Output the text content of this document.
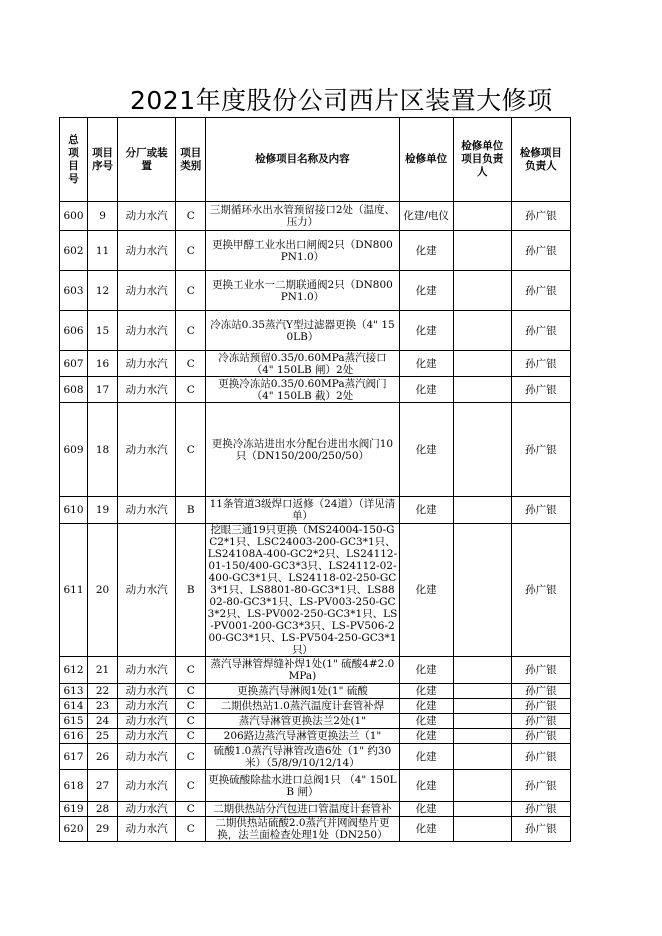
2021年度股份公司西片区装置大修项
总项目号	项目序号	分厂或装置	项目类别	检修项目名称及内容	检修单位	检修单位项目负责人	检修项目负责人
600	9	动力水汽	C	三期循环水出水管预留接口2处（温度、压力）	化建/电仪		孙广银
602	11	动力水汽	C	更换甲醇工业水出口闸阀2只（DN800 PN1.0）	化建		孙广银
603	12	动力水汽	C	更换工业水一二期联通阀2只（DN800 PN1.0）	化建		孙广银
606	15	动力水汽	C	冷冻站0.35蒸汽Y型过滤器更换（4" 150LB）	化建		孙广银
607	16	动力水汽	C	冷冻站预留0.35/0.60MPa蒸汽接口（4" 150LB 闸）2处	化建		孙广银
608	17	动力水汽	C	更换冷冻站0.35/0.60MPa蒸汽阀门（4" 150LB 截）2处	化建		孙广银
609	18	动力水汽	C	更换冷冻站进出水分配台进出水阀门10只（DN150/200/250/50）	化建		孙广银
610	19	动力水汽	B	11条管道3级焊口返修（24道）（详见清单）	化建		孙广银
611	20	动力水汽	B	挖眼三通19只更换（MS24004-150-GC2*1只、LSC24003-200-GC3*1只、LS24108A-400-GC2*2只、LS24112-01-150/400-GC3*3只、LS24112-02-400-GC3*1只、LS24118-02-250-GC3*1只、LS8801-80-GC3*1只、LS8802-80-GC3*1只、LS-PV003-250-GC3*2只、LS-PV002-250-GC3*1只、LS-PV001-200-GC3*3只、LS-PV506-200-GC3*1只、LS-PV504-250-GC3*1只）	化建		孙广银
612	21	动力水汽	C	蒸汽导淋管焊缝补焊1处(1" 硫酸4#2.0MPa)	化建		孙广银
613	22	动力水汽	C	更换蒸汽导淋阀1处(1" 硫酸	化建		孙广银
614	23	动力水汽	C	二期供热站1.0蒸汽温度计套管补焊	化建		孙广银
615	24	动力水汽	C	蒸汽导淋管更换法兰2处(1"	化建		孙广银
616	25	动力水汽	C	206路边蒸汽导淋管更换法兰（1"	化建		孙广银
617	26	动力水汽	C	硫酸1.0蒸汽导淋管改造6处（1" 约30米）（5/8/9/10/12/14）	化建		孙广银
618	27	动力水汽	C	更换硫酸除盐水进口总阀1只 （4" 150LB 闸）	化建		孙广银
619	28	动力水汽	C	二期供热站分汽包进口管温度计套管补	化建		孙广银
620	29	动力水汽	C	二期供热站硫酸2.0蒸汽并网阀垫片更换，法兰面检查处理1处（DN250）	化建		孙广银
